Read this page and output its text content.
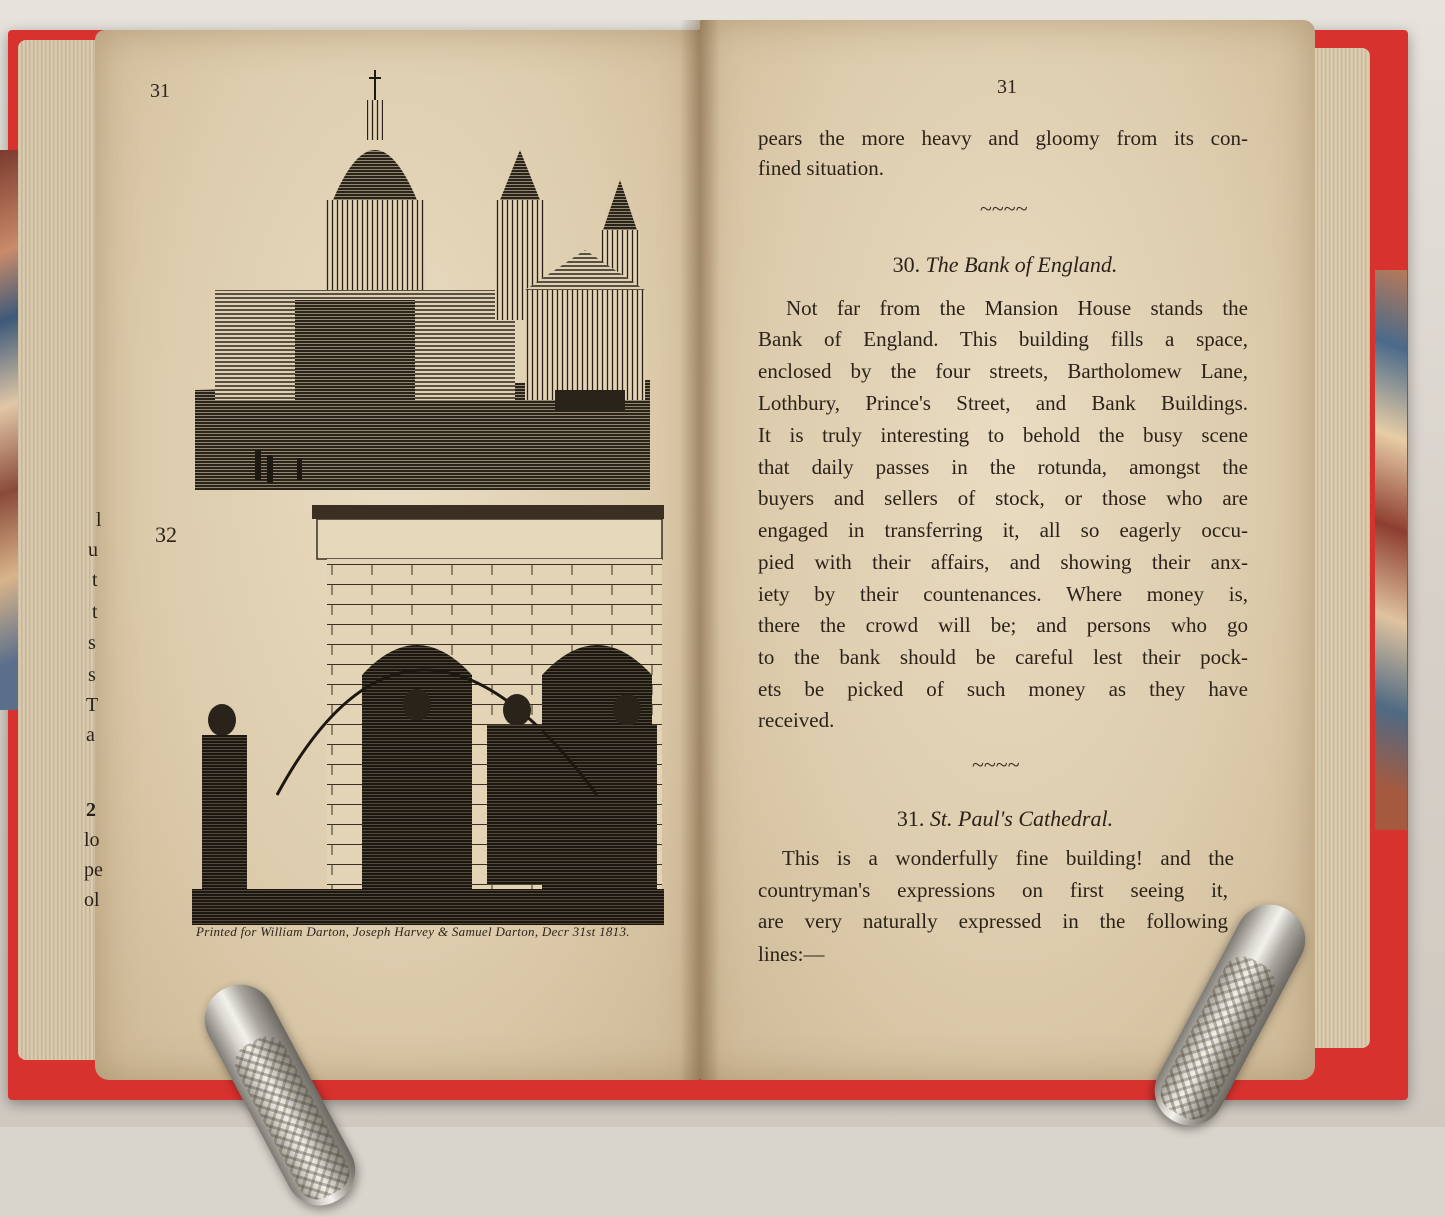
31
32
Printed for William Darton, Joseph Harvey & Samuel Darton, Decr 31st 1813.
l
u
t
t
s
s
T
a
2
lo
pe
ol
31
pears the more heavy and gloomy from its con-
fined situation.
~~~~
30. The Bank of England.
Not far from the Mansion House stands the
Bank of England. This building fills a space,
enclosed by the four streets, Bartholomew Lane,
Lothbury, Prince's Street, and Bank Buildings.
It is truly interesting to behold the busy scene
that daily passes in the rotunda, amongst the
buyers and sellers of stock, or those who are
engaged in transferring it, all so eagerly occu-
pied with their affairs, and showing their anx-
iety by their countenances. Where money is,
there the crowd will be; and persons who go
to the bank should be careful lest their pock-
ets be picked of such money as they have
received.
~~~~
31. St. Paul's Cathedral.
This is a wonderfully fine building! and the
countryman's expressions on first seeing it,
are very naturally expressed in the following
lines:—
